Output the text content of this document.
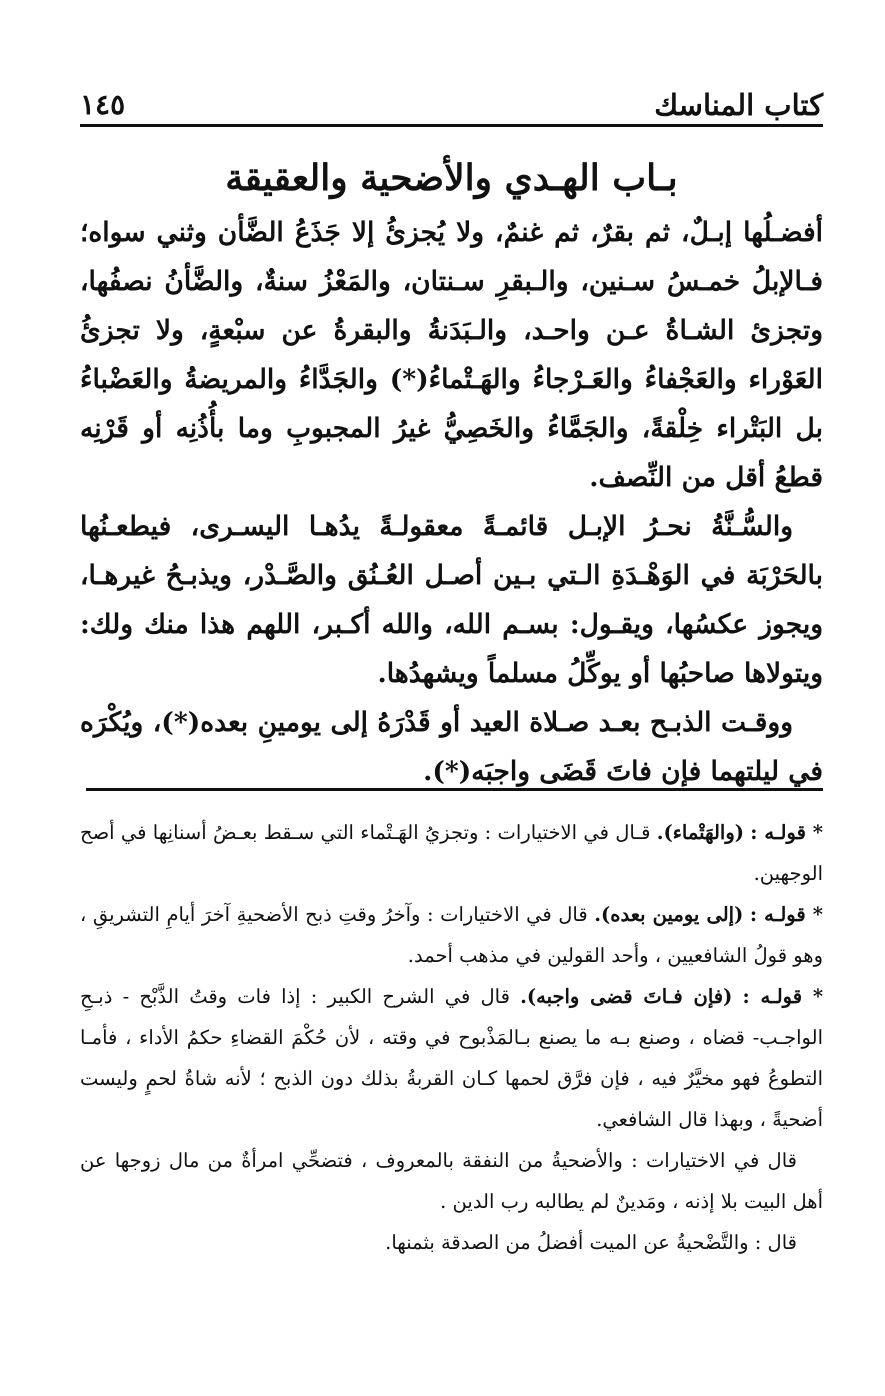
كتاب المناسك
١٤٥
بـاب الهـدي والأضحية والعقيقة

أفضـلُها إبـلٌ، ثم بقرٌ، ثم غنمٌ، ولا يُجزئُ إلا جَذَعُ الضَّأن وثني سواه؛ فـالإبلُ خمـسُ سـنين، والـبقرِ سـنتان، والمَعْزُ سنةٌ، والضَّأنُ نصفُها، وتجزئ الشـاةُ عـن واحـد، والـبَدَنةُ والبقرةُ عن سبْعةٍ، ولا تجزئُ العَوْراء والعَجْفاءُ والعَـرْجاءُ والهَـتْماءُ(*) والجَدَّاءُ والمريضةُ والعَضْباءُ بل البَتْراء خِلْقةً، والجَمَّاءُ والخَصِيُّ غيرُ المجبوبِ وما بأُذُنِه أو قَرْنِه قطعُ أقل من النِّصف.

والسُّـنَّةُ نحـرُ الإبـل قائمـةً معقولـةً يدُهـا اليسـرى، فيطعـنُها بالحَرْبَة في الوَهْـدَةِ الـتي بـين أصـل العُـنُق والصَّـدْر، ويذبـحُ غيرهـا، ويجوز عكسُها، ويقـول: بسـم الله، والله أكـبر، اللهم هذا منك ولك: ويتولاها صاحبُها أو يوكِّلُ مسلماً ويشهدُها.

ووقـت الذبـح بعـد صـلاة العيد أو قَدْرَهُ إلى يومينِ بعده(*)، ويُكْرَه في ليلتهما فإن فاتَ قَضَى واجبَه(*).

* قولـه : (والهَتْماء). قـال في الاختيارات : وتجزيُ الهَـتْماء التي سـقط بعـضُ أسنانِها في أصح الوجهين.

* قولـه : (إلى يومين بعده). قال في الاختيارات : وآخرُ وقتِ ذبح الأضحيةِ آخرَ أيامِ التشريقِ ، وهو قولُ الشافعيين ، وأحد القولين في مذهب أحمد.

* قولـه : (فإن فـاتَ قضى واجبه). قال في الشرح الكبير : إذا فات وقتُ الذَّبْح - ذبـحِ الواجـب- قضاه ، وصنع بـه ما يصنع بـالمَذْبوح في وقته ، لأن حُكْمَ القضاءِ حكمُ الأداء ، فأمـا التطوعُ فهو مخيَّرٌ فيه ، فإن فرَّق لحمها كـان القربةُ بذلك دون الذبح ؛ لأنه شاةُ لحمٍ وليست أضحيةً ، وبهذا قال الشافعي.

قال في الاختيارات : والأضحيةُ من النفقة بالمعروف ، فتضحِّي امرأةٌ من مال زوجها عن أهل البيت بلا إذنه ، ومَدينٌ لم يطالبه رب الدين .

قال : والتَّضْحيةُ عن الميت أفضلُ من الصدقة بثمنها.
